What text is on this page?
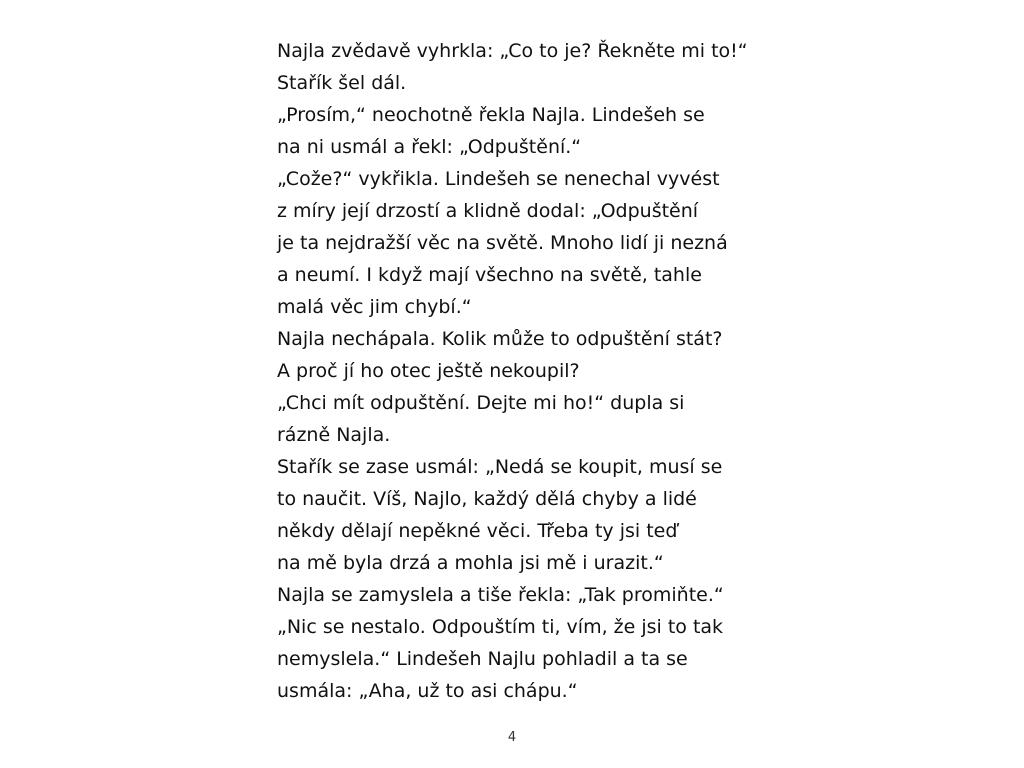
Najla zvědavě vyhrkla: „Co to je? Řekněte mi to!“
Stařík šel dál.
„Prosím,“ neochotně řekla Najla. Lindešeh se
na ni usmál a řekl: „Odpuštění.“
„Cože?“ vykřikla. Lindešeh se nenechal vyvést
z míry její drzostí a klidně dodal: „Odpuštění
je ta nejdražší věc na světě. Mnoho lidí ji nezná
a neumí. I když mají všechno na světě, tahle
malá věc jim chybí.“
Najla nechápala. Kolik může to odpuštění stát?
A proč jí ho otec ještě nekoupil?
„Chci mít odpuštění. Dejte mi ho!“ dupla si
rázně Najla.
Stařík se zase usmál: „Nedá se koupit, musí se
to naučit. Víš, Najlo, každý dělá chyby a lidé
někdy dělají nepěkné věci. Třeba ty jsi teď
na mě byla drzá a mohla jsi mě i urazit.“
Najla se zamyslela a tiše řekla: „Tak promiňte.“
„Nic se nestalo. Odpouštím ti, vím, že jsi to tak
nemyslela.“ Lindešeh Najlu pohladil a ta se
usmála: „Aha, už to asi chápu.“
4
